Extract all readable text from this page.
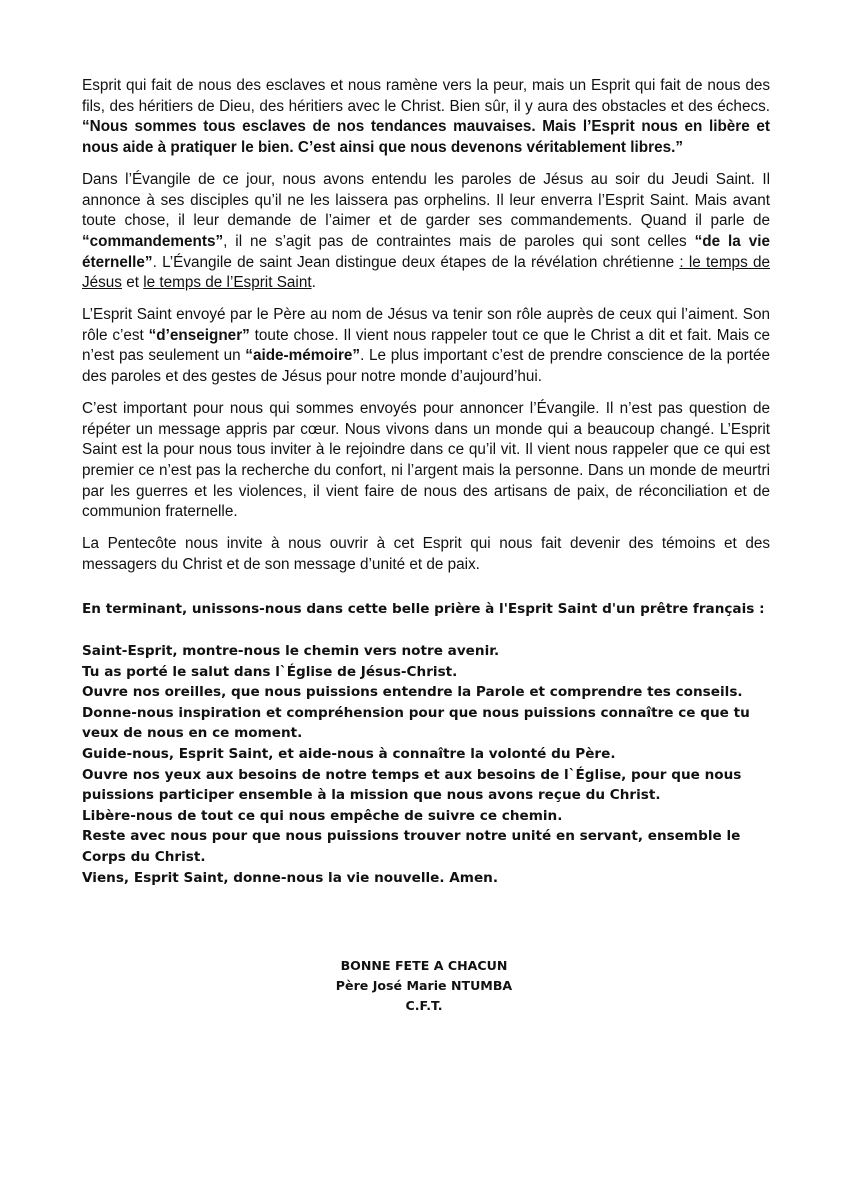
Esprit qui fait de nous des esclaves et nous ramène vers la peur, mais un Esprit qui fait de nous des fils, des héritiers de Dieu, des héritiers avec le Christ. Bien sûr, il y aura des obstacles et des échecs. “Nous sommes tous esclaves de nos tendances mauvaises. Mais l’Esprit nous en libère et nous aide à pratiquer le bien. C’est ainsi que nous devenons véritablement libres.”

Dans l’Évangile de ce jour, nous avons entendu les paroles de Jésus au soir du Jeudi Saint. Il annonce à ses disciples qu’il ne les laissera pas orphelins. Il leur enverra l’Esprit Saint. Mais avant toute chose, il leur demande de l’aimer et de garder ses commandements. Quand il parle de “commandements”, il ne s’agit pas de contraintes mais de paroles qui sont celles “de la vie éternelle”. L’Évangile de saint Jean distingue deux étapes de la révélation chrétienne : le temps de Jésus et le temps de l’Esprit Saint.

L’Esprit Saint envoyé par le Père au nom de Jésus va tenir son rôle auprès de ceux qui l’aiment. Son rôle c’est “d’enseigner” toute chose. Il vient nous rappeler tout ce que le Christ a dit et fait. Mais ce n’est pas seulement un “aide-mémoire”. Le plus important c’est de prendre conscience de la portée des paroles et des gestes de Jésus pour notre monde d’aujourd’hui.

C’est important pour nous qui sommes envoyés pour annoncer l’Évangile. Il n’est pas question de répéter un message appris par cœur. Nous vivons dans un monde qui a beaucoup changé. L’Esprit Saint est la pour nous tous inviter à le rejoindre dans ce qu’il vit. Il vient nous rappeler que ce qui est premier ce n’est pas la recherche du confort, ni l’argent mais la personne. Dans un monde de meurtri par les guerres et les violences, il vient faire de nous des artisans de paix, de réconciliation et de communion fraternelle.

La Pentecôte nous invite à nous ouvrir à cet Esprit qui nous fait devenir des témoins et des messagers du Christ et de son message d’unité et de paix.

En terminant, unissons-nous dans cette belle prière à l'Esprit Saint d'un prêtre français :
Saint-Esprit, montre-nous le chemin vers notre avenir.
Tu as porté le salut dans l`Église de Jésus-Christ.
Ouvre nos oreilles, que nous puissions entendre la Parole et comprendre tes conseils.
Donne-nous inspiration et compréhension pour que nous puissions connaître ce que tu veux de nous en ce moment.
Guide-nous, Esprit Saint, et aide-nous à connaître la volonté du Père.
Ouvre nos yeux aux besoins de notre temps et aux besoins de l`Église, pour que nous puissions participer ensemble à la mission que nous avons reçue du Christ.
Libère-nous de tout ce qui nous empêche de suivre ce chemin.
Reste avec nous pour que nous puissions trouver notre unité en servant, ensemble le Corps du Christ.
Viens, Esprit Saint, donne-nous la vie nouvelle. Amen.
BONNE FETE A CHACUN
Père José Marie NTUMBA
C.F.T.
